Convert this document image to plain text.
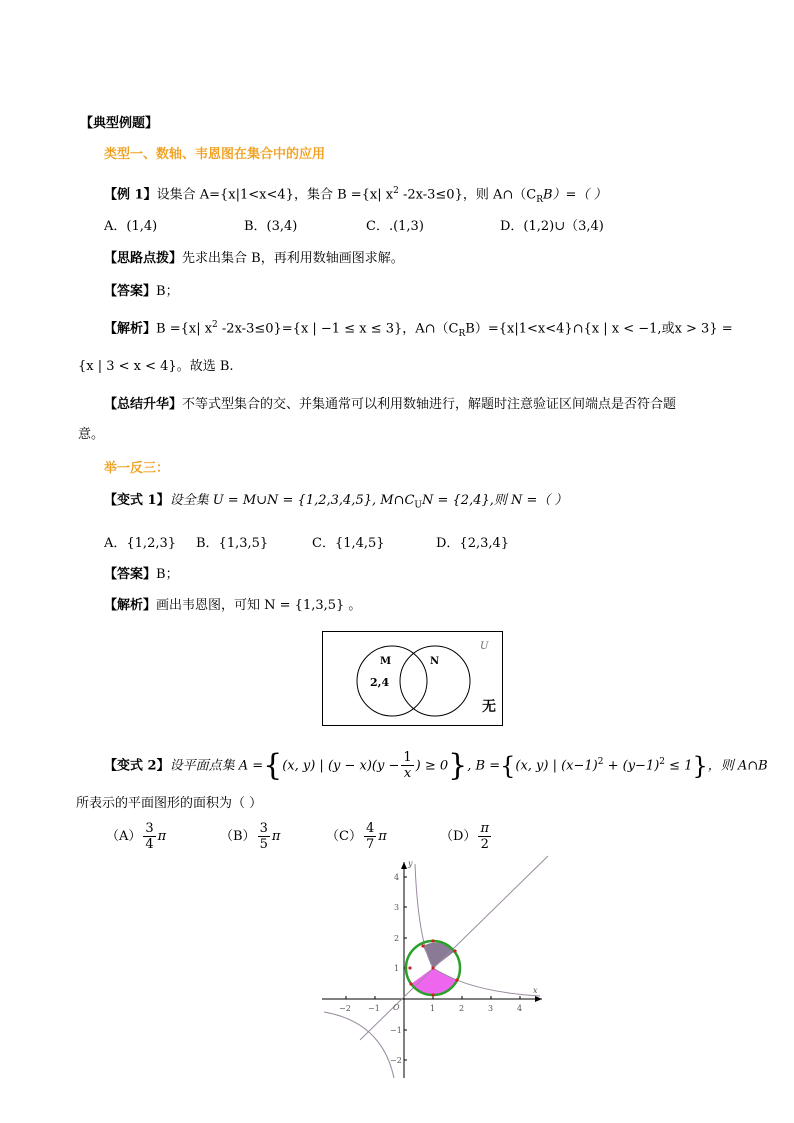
【典型例题】
类型一、数轴、韦恩图在集合中的应用
【例 1】设集合 A={x|1<x<4}，集合 B ={x| $x^2$ -2x-3≤0}，则 $A\cap(C_RB)=$（ ）
A．(1,4)	B．(3,4)	C．.(1,3)	D．(1,2)∪（3,4)
【思路点拨】先求出集合 B，再利用数轴画图求解。
【答案】B；
【解析】B ={x| $x^2$ -2x-3≤0}={x | −1 ≤ x ≤ 3}，$A\cap(C_RB)=\{x|1<x<4\}\cap\{x$ | x < −1,或x > 3} =
{x | 3 < x < 4}。故选 B.
【总结升华】不等式型集合的交、并集通常可以利用数轴进行，解题时注意验证区间端点是否符合题
意。
举一反三：
【变式 1】设全集 U = M∪N = {1,2,3,4,5}, $M\cap C_UN = \{2,4\}$,则 N =（ ）
A．{1,2,3} B．{1,3,5}	C．{1,4,5}	D．{2,3,4}
【答案】B；
【解析】画出韦恩图，可知 N = {1,3,5} 。
U
M	N
2,4
无
【变式 2】设平面点集 A ={(x, y) | $(y - x)(y - \frac{1}{x}$ ) ≥ 0}, B ={(x, y) | $(x-1)^2 + (y-1)^2 \le 1$}，则 A∩B
所表示的平面图形的面积为（ ）
$(A) \frac{3}{4}$ π	$(B) \frac{3}{5}$ π	$(C) \frac{4}{7}$ π	$(D) \frac{\pi}{2}$
x
y
O
−2 −1	1	2	3	4
4
3
2
1
−1
−2
